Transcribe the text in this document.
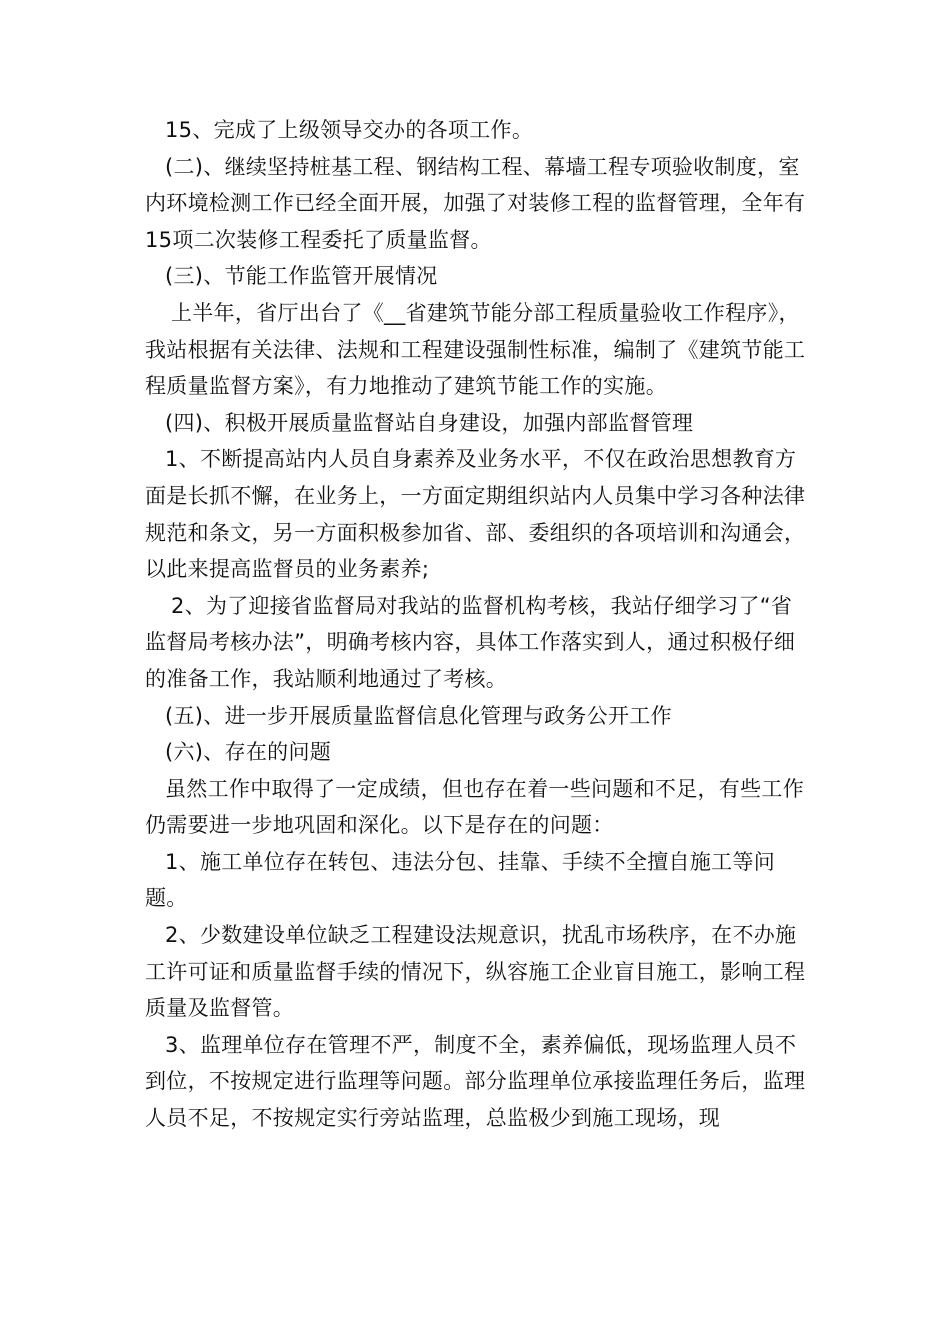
15、完成了上级领导交办的各项工作。

(二)、继续坚持桩基工程、钢结构工程、幕墙工程专项验收制度，室内环境检测工作已经全面开展，加强了对装修工程的监督管理，全年有15项二次装修工程委托了质量监督。

(三)、节能工作监管开展情况

上半年，省厅出台了《__省建筑节能分部工程质量验收工作程序》，我站根据有关法律、法规和工程建设强制性标准，编制了《建筑节能工程质量监督方案》，有力地推动了建筑节能工作的实施。

(四)、积极开展质量监督站自身建设，加强内部监督管理

1、不断提高站内人员自身素养及业务水平，不仅在政治思想教育方面是长抓不懈，在业务上，一方面定期组织站内人员集中学习各种法律规范和条文，另一方面积极参加省、部、委组织的各项培训和沟通会，以此来提高监督员的业务素养;

2、为了迎接省监督局对我站的监督机构考核，我站仔细学习了“省监督局考核办法”，明确考核内容，具体工作落实到人，通过积极仔细的准备工作，我站顺利地通过了考核。

(五)、进一步开展质量监督信息化管理与政务公开工作

(六)、存在的问题

虽然工作中取得了一定成绩，但也存在着一些问题和不足，有些工作仍需要进一步地巩固和深化。以下是存在的问题：

1、施工单位存在转包、违法分包、挂靠、手续不全擅自施工等问题。

2、少数建设单位缺乏工程建设法规意识，扰乱市场秩序，在不办施工许可证和质量监督手续的情况下，纵容施工企业盲目施工，影响工程质量及监督管。

3、监理单位存在管理不严，制度不全，素养偏低，现场监理人员不到位，不按规定进行监理等问题。部分监理单位承接监理任务后，监理人员不足，不按规定实行旁站监理，总监极少到施工现场，现
